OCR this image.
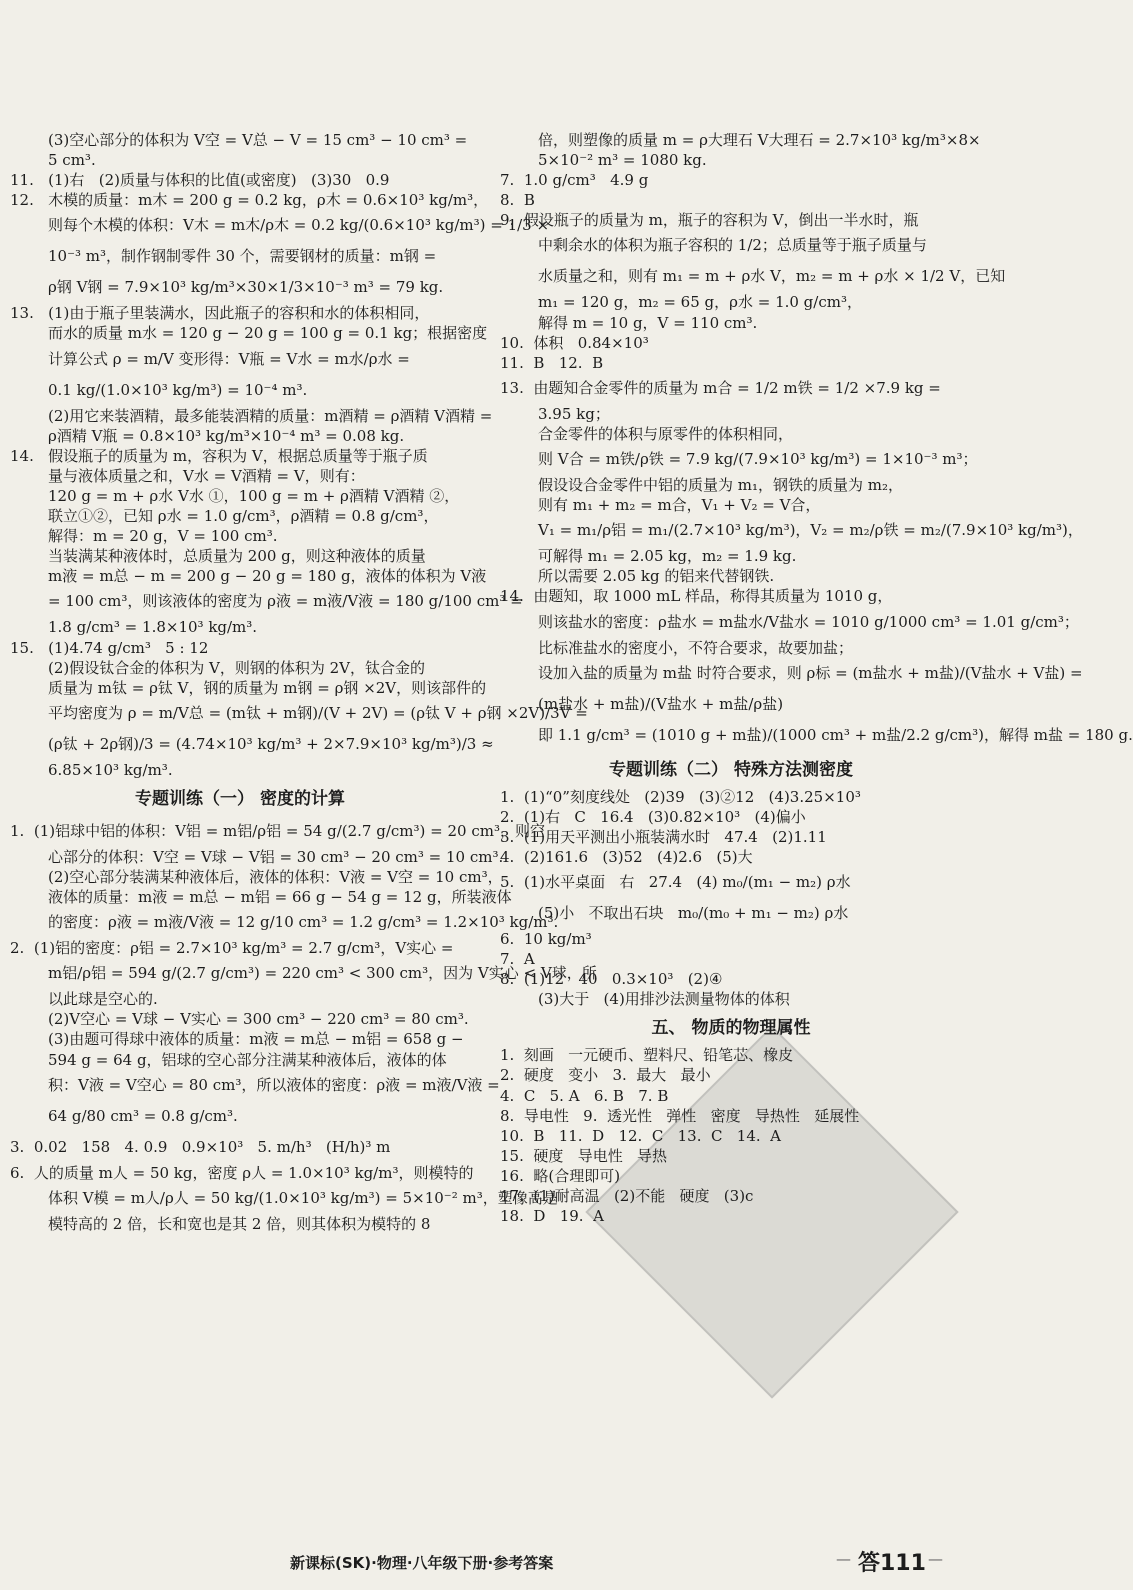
(3)空心部分的体积为 V空 = V总 − V = 15 cm³ − 10 cm³ =
5 cm³.
11.   (1)右   (2)质量与体积的比值(或密度)   (3)30   0.9
12.   木模的质量：m木 = 200 g = 0.2 kg，ρ木 = 0.6×10³ kg/m³，
则每个木模的体积：V木 = m木/ρ木 = 0.2 kg/(0.6×10³ kg/m³) = 1/3 ×
10⁻³ m³，制作钢制零件 30 个，需要钢材的质量：m钢 =
ρ钢 V钢 = 7.9×10³ kg/m³×30×1/3×10⁻³ m³ = 79 kg.
13.   (1)由于瓶子里装满水，因此瓶子的容积和水的体积相同，
而水的质量 m水 = 120 g − 20 g = 100 g = 0.1 kg；根据密度
计算公式 ρ = m/V 变形得：V瓶 = V水 = m水/ρ水 =
0.1 kg/(1.0×10³ kg/m³) = 10⁻⁴ m³.
(2)用它来装酒精，最多能装酒精的质量：m酒精 = ρ酒精 V酒精 =
ρ酒精 V瓶 = 0.8×10³ kg/m³×10⁻⁴ m³ = 0.08 kg.
14.   假设瓶子的质量为 m，容积为 V，根据总质量等于瓶子质
量与液体质量之和，V水 = V酒精 = V，则有：
120 g = m + ρ水 V水 ①，100 g = m + ρ酒精 V酒精 ②，
联立①②，已知 ρ水 = 1.0 g/cm³，ρ酒精 = 0.8 g/cm³，
解得：m = 20 g，V = 100 cm³.
当装满某种液体时，总质量为 200 g，则这种液体的质量
m液 = m总 − m = 200 g − 20 g = 180 g，液体的体积为 V液
= 100 cm³，则该液体的密度为 ρ液 = m液/V液 = 180 g/100 cm³ =
1.8 g/cm³ = 1.8×10³ kg/m³.
15.   (1)4.74 g/cm³   5 : 12
(2)假设钛合金的体积为 V，则钢的体积为 2V，钛合金的
质量为 m钛 = ρ钛 V，钢的质量为 m钢 = ρ钢 ×2V，则该部件的
平均密度为 ρ = m/V总 = (m钛 + m钢)/(V + 2V) = (ρ钛 V + ρ钢 ×2V)/3V =
(ρ钛 + 2ρ钢)/3 = (4.74×10³ kg/m³ + 2×7.9×10³ kg/m³)/3 ≈
6.85×10³ kg/m³.
专题训练（一） 密度的计算
1.  (1)铝球中铝的体积：V铝 = m铝/ρ铝 = 54 g/(2.7 g/cm³) = 20 cm³，则空
心部分的体积：V空 = V球 − V铝 = 30 cm³ − 20 cm³ = 10 cm³.
(2)空心部分装满某种液体后，液体的体积：V液 = V空 = 10 cm³，
液体的质量：m液 = m总 − m铝 = 66 g − 54 g = 12 g，所装液体
的密度：ρ液 = m液/V液 = 12 g/10 cm³ = 1.2 g/cm³ = 1.2×10³ kg/m³.
2.  (1)铝的密度：ρ铝 = 2.7×10³ kg/m³ = 2.7 g/cm³，V实心 =
m铝/ρ铝 = 594 g/(2.7 g/cm³) = 220 cm³ < 300 cm³，因为 V实心 < V球，所
以此球是空心的.
(2)V空心 = V球 − V实心 = 300 cm³ − 220 cm³ = 80 cm³.
(3)由题可得球中液体的质量：m液 = m总 − m铝 = 658 g −
594 g = 64 g，铝球的空心部分注满某种液体后，液体的体
积：V液 = V空心 = 80 cm³，所以液体的密度：ρ液 = m液/V液 =
64 g/80 cm³ = 0.8 g/cm³.
3.  0.02   158   4. 0.9   0.9×10³   5. m/h³   (H/h)³ m
6.  人的质量 m人 = 50 kg，密度 ρ人 = 1.0×10³ kg/m³，则模特的
体积 V模 = m人/ρ人 = 50 kg/(1.0×10³ kg/m³) = 5×10⁻² m³，塑像高是
模特高的 2 倍，长和宽也是其 2 倍，则其体积为模特的 8
倍，则塑像的质量 m = ρ大理石 V大理石 = 2.7×10³ kg/m³×8×
5×10⁻² m³ = 1080 kg.
7.  1.0 g/cm³   4.9 g
8.  B
9.  假设瓶子的质量为 m，瓶子的容积为 V，倒出一半水时，瓶
中剩余水的体积为瓶子容积的 1/2；总质量等于瓶子质量与
水质量之和，则有 m₁ = m + ρ水 V，m₂ = m + ρ水 × 1/2 V，已知
m₁ = 120 g，m₂ = 65 g，ρ水 = 1.0 g/cm³，
解得 m = 10 g，V = 110 cm³.
10.  体积   0.84×10³
11.  B   12.  B
13.  由题知合金零件的质量为 m合 = 1/2 m铁 = 1/2 ×7.9 kg =
3.95 kg；
合金零件的体积与原零件的体积相同，
则 V合 = m铁/ρ铁 = 7.9 kg/(7.9×10³ kg/m³) = 1×10⁻³ m³；
假设设合金零件中铝的质量为 m₁，钢铁的质量为 m₂，
则有 m₁ + m₂ = m合，V₁ + V₂ = V合，
V₁ = m₁/ρ铝 = m₁/(2.7×10³ kg/m³)，V₂ = m₂/ρ铁 = m₂/(7.9×10³ kg/m³)，
可解得 m₁ = 2.05 kg，m₂ = 1.9 kg.
所以需要 2.05 kg 的铝来代替钢铁.
14.  由题知，取 1000 mL 样品，称得其质量为 1010 g，
则该盐水的密度：ρ盐水 = m盐水/V盐水 = 1010 g/1000 cm³ = 1.01 g/cm³；
比标准盐水的密度小，不符合要求，故要加盐；
设加入盐的质量为 m盐 时符合要求，则 ρ标 = (m盐水 + m盐)/(V盐水 + V盐) =
(m盐水 + m盐)/(V盐水 + m盐/ρ盐)
即 1.1 g/cm³ = (1010 g + m盐)/(1000 cm³ + m盐/2.2 g/cm³)，解得 m盐 = 180 g.
专题训练（二） 特殊方法测密度
1.  (1)“0”刻度线处   (2)39   (3)②12   (4)3.25×10³
2.  (1)右   C   16.4   (3)0.82×10³   (4)偏小
3.  (1)用天平测出小瓶装满水时   47.4   (2)1.11
4.  (2)161.6   (3)52   (4)2.6   (5)大
5.  (1)水平桌面   右   27.4   (4) m₀/(m₁ − m₂) ρ水
(5)小   不取出石块   m₀/(m₀ + m₁ − m₂) ρ水
6.  10 kg/m³
7.  A
8.  (1)12   40   0.3×10³   (2)④
(3)大于   (4)用排沙法测量物体的体积
五、 物质的物理属性
1.  刻画   一元硬币、塑料尺、铅笔芯、橡皮
2.  硬度   变小   3.  最大   最小
4.  C   5. A   6. B   7. B
8.  导电性   9.  透光性   弹性   密度   导热性   延展性
10.  B   11.  D   12.  C   13.  C   14.  A
15.  硬度   导电性   导热
16.  略(合理即可)
17.  (1)耐高温   (2)不能   硬度   (3)c
18.  D   19.  A
新课标(SK)·物理·八年级下册·参考答案	— 答111 —
